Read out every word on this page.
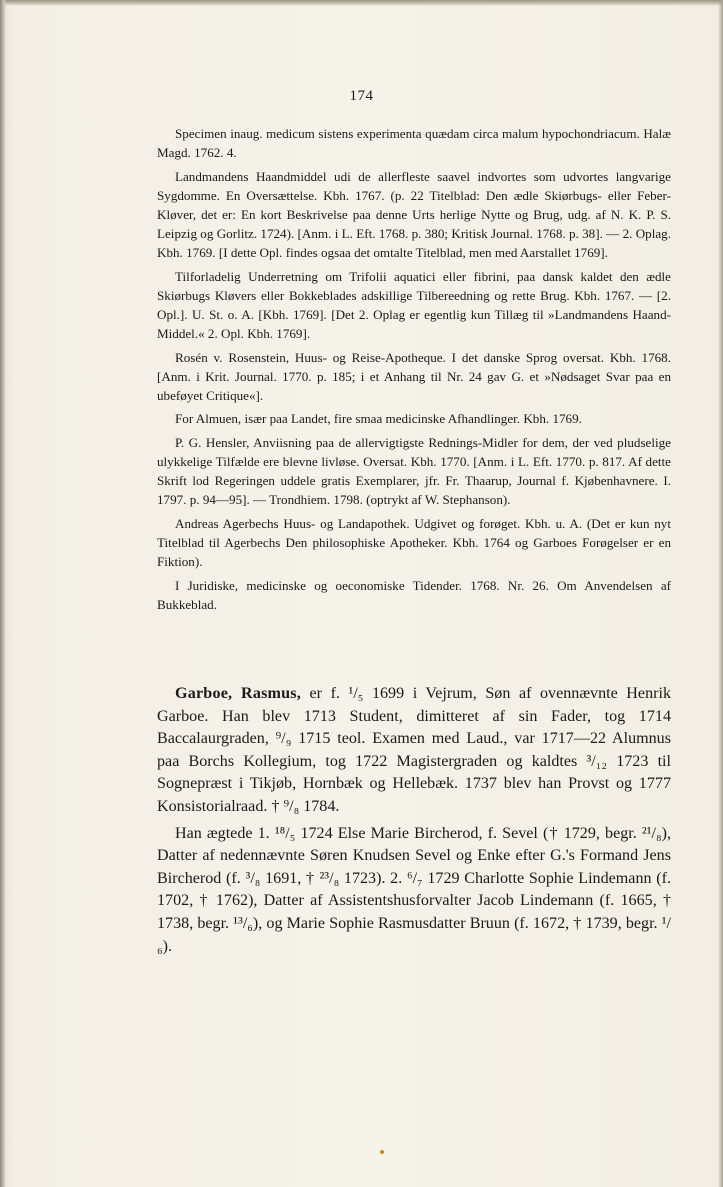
174

Specimen inaug. medicum sistens experimenta quædam circa malum hypochondriacum. Halæ Magd. 1762. 4.

Landmandens Haandmiddel udi de allerfleste saavel indvortes som udvortes langvarige Sygdomme. En Oversættelse. Kbh. 1767. (p. 22 Titelblad: Den ædle Skiørbugs- eller Feber-Kløver, det er: En kort Beskrivelse paa denne Urts herlige Nytte og Brug, udg. af N. K. P. S. Leipzig og Gorlitz. 1724). [Anm. i L. Eft. 1768. p. 380; Kritisk Journal. 1768. p. 38]. — 2. Oplag. Kbh. 1769. [I dette Opl. findes ogsaa det omtalte Titelblad, men med Aarstallet 1769].

Tilforladelig Underretning om Trifolii aquatici eller fibrini, paa dansk kaldet den ædle Skiørbugs Kløvers eller Bokkeblades adskillige Tilbereedning og rette Brug. Kbh. 1767. — [2. Opl.]. U. St. o. A. [Kbh. 1769]. [Det 2. Oplag er egentlig kun Tillæg til »Landmandens Haand-Middel.« 2. Opl. Kbh. 1769].

Rosén v. Rosenstein, Huus- og Reise-Apotheque. I det danske Sprog oversat. Kbh. 1768. [Anm. i Krit. Journal. 1770. p. 185; i et Anhang til Nr. 24 gav G. et »Nødsaget Svar paa en ubeføyet Critique«].

For Almuen, især paa Landet, fire smaa medicinske Afhandlinger. Kbh. 1769.

P. G. Hensler, Anviisning paa de allervigtigste Rednings-Midler for dem, der ved pludselige ulykkelige Tilfælde ere blevne livløse. Oversat. Kbh. 1770. [Anm. i L. Eft. 1770. p. 817. Af dette Skrift lod Regeringen uddele gratis Exemplarer, jfr. Fr. Thaarup, Journal f. Kjøbenhavnere. I. 1797. p. 94—95]. — Trondhiem. 1798. (optrykt af W. Stephanson).

Andreas Agerbechs Huus- og Landapothek. Udgivet og forøget. Kbh. u. A. (Det er kun nyt Titelblad til Agerbechs Den philosophiske Apotheker. Kbh. 1764 og Garboes Forøgelser er en Fiktion).

I Juridiske, medicinske og oeconomiske Tidender. 1768. Nr. 26. Om Anvendelsen af Bukkeblad.

Garboe, Rasmus, er f. ¹/₅ 1699 i Vejrum, Søn af ovennævnte Henrik Garboe. Han blev 1713 Student, dimitteret af sin Fader, tog 1714 Baccalaurgraden, ⁹/₉ 1715 teol. Examen med Laud., var 1717—22 Alumnus paa Borchs Kollegium, tog 1722 Magistergraden og kaldtes ³/₁₂ 1723 til Sognepræst i Tikjøb, Hornbæk og Hellebæk. 1737 blev han Provst og 1777 Konsistorialraad. † ⁹/₈ 1784.

Han ægtede 1. ¹⁸/₅ 1724 Else Marie Bircherod, f. Sevel († 1729, begr. ²¹/₈), Datter af nedennævnte Søren Knudsen Sevel og Enke efter G.'s Formand Jens Bircherod (f. ³/₈ 1691, † ²³/₈ 1723). 2. ⁶/₇ 1729 Charlotte Sophie Lindemann (f. 1702, † 1762), Datter af Assistentshusforvalter Jacob Lindemann (f. 1665, † 1738, begr. ¹³/₆), og Marie Sophie Rasmusdatter Bruun (f. 1672, † 1739, begr. ¹/₆).
